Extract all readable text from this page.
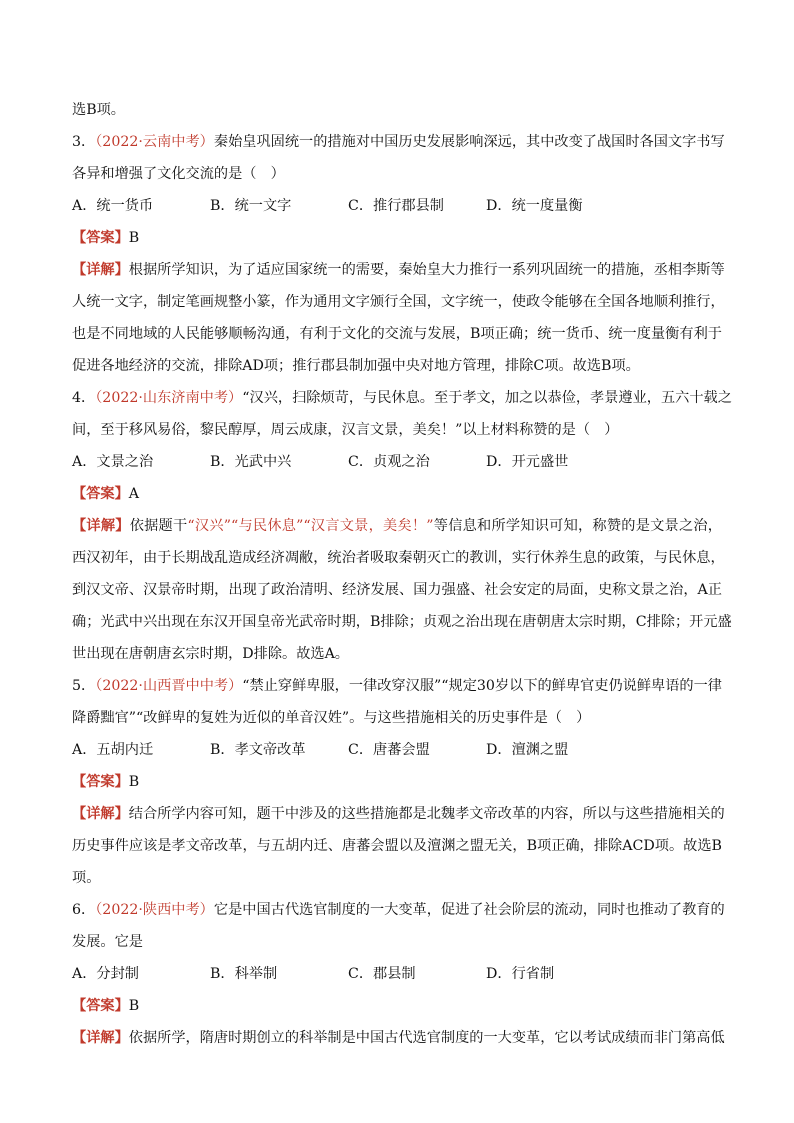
选B项。
3．（2022·云南中考）秦始皇巩固统一的措施对中国历史发展影响深远，其中改变了战国时各国文字书写
各异和增强了文化交流的是（　）
A．统一货币	B．统一文字	C．推行郡县制	D．统一度量衡
【答案】B
【详解】根据所学知识，为了适应国家统一的需要，秦始皇大力推行一系列巩固统一的措施，丞相李斯等
人统一文字，制定笔画规整小篆，作为通用文字颁行全国，文字统一，使政令能够在全国各地顺利推行，
也是不同地域的人民能够顺畅沟通，有利于文化的交流与发展，B项正确；统一货币、统一度量衡有利于
促进各地经济的交流，排除AD项；推行郡县制加强中央对地方管理，排除C项。故选B项。
4．（2022·山东济南中考）“汉兴，扫除烦苛，与民休息。至于孝文，加之以恭俭，孝景遵业，五六十载之
间，至于移风易俗，黎民醇厚，周云成康，汉言文景，美矣！”以上材料称赞的是（　）
A．文景之治	B．光武中兴	C．贞观之治	D．开元盛世
【答案】A
【详解】依据题干“汉兴”“与民休息”“汉言文景，美矣！”等信息和所学知识可知，称赞的是文景之治，
西汉初年，由于长期战乱造成经济凋敝，统治者吸取秦朝灭亡的教训，实行休养生息的政策，与民休息，
到汉文帝、汉景帝时期，出现了政治清明、经济发展、国力强盛、社会安定的局面，史称文景之治，A正
确；光武中兴出现在东汉开国皇帝光武帝时期，B排除；贞观之治出现在唐朝唐太宗时期，C排除；开元盛
世出现在唐朝唐玄宗时期，D排除。故选A。
5．（2022·山西晋中中考）“禁止穿鲜卑服，一律改穿汉服”“规定30岁以下的鲜卑官吏仍说鲜卑语的一律
降爵黜官”“改鲜卑的复姓为近似的单音汉姓”。与这些措施相关的历史事件是（　）
A．五胡内迁	B．孝文帝改革	C．唐蕃会盟	D．澶渊之盟
【答案】B
【详解】结合所学内容可知，题干中涉及的这些措施都是北魏孝文帝改革的内容，所以与这些措施相关的
历史事件应该是孝文帝改革，与五胡内迁、唐蕃会盟以及澶渊之盟无关，B项正确，排除ACD项。故选B
项。
6．（2022·陕西中考）它是中国古代选官制度的一大变革，促进了社会阶层的流动，同时也推动了教育的
发展。它是
A．分封制	B．科举制	C．郡县制	D．行省制
【答案】B
【详解】依据所学，隋唐时期创立的科举制是中国古代选官制度的一大变革，它以考试成绩而非门第高低
